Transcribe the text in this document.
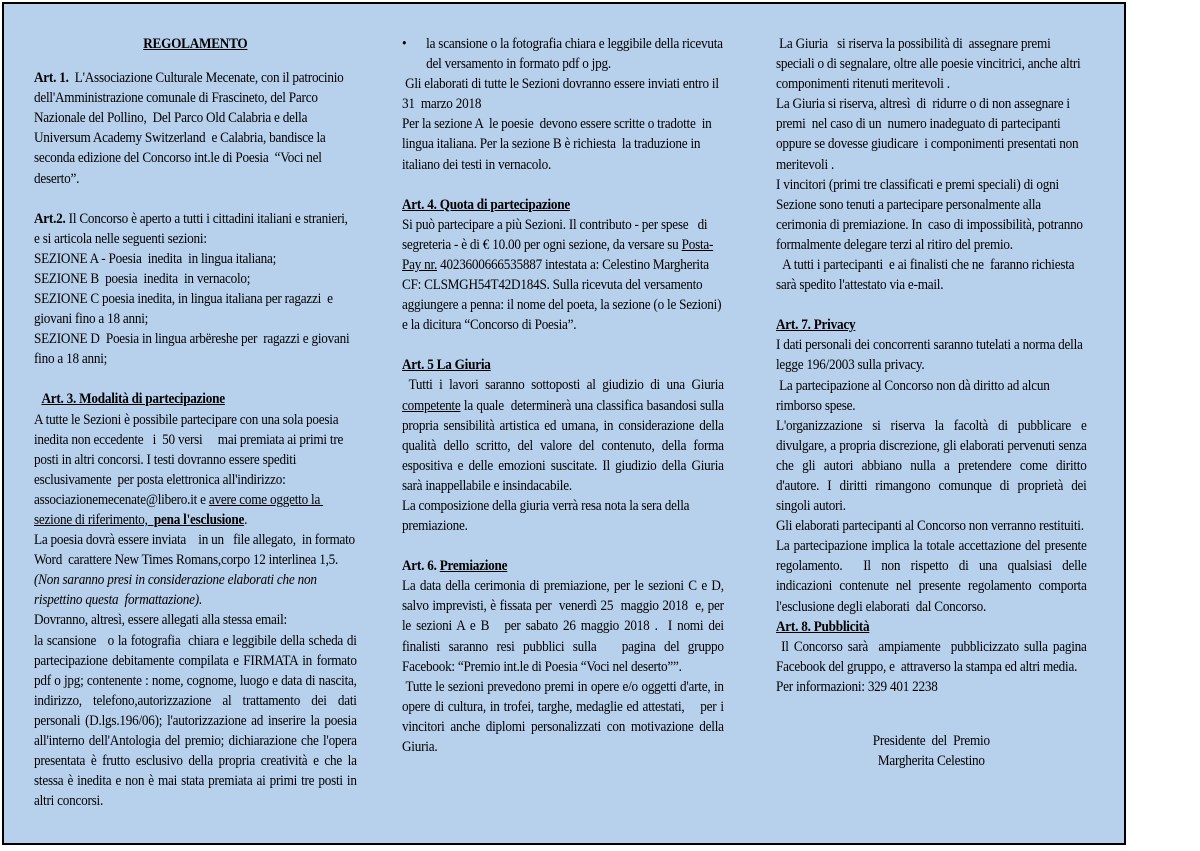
REGOLAMENTO

Art. 1.  L'Associazione Culturale Mecenate, con il patrocinio dell'Amministrazione comunale di Frascineto, del Parco Nazionale del Pollino,  Del Parco Old Calabria e della Universum Academy Switzerland  e Calabria, bandisce la seconda edizione del Concorso int.le di Poesia  “Voci nel deserto”.

Art.2. Il Concorso è aperto a tutti i cittadini italiani e stranieri,  e si articola nelle seguenti sezioni:

SEZIONE A - Poesia  inedita  in lingua italiana;

SEZIONE B  poesia  inedita  in vernacolo;

SEZIONE C poesia inedita, in lingua italiana per ragazzi  e giovani fino a 18 anni;

SEZIONE D  Poesia in lingua arbëreshe per  ragazzi e giovani fino a 18 anni;

Art. 3. Modalità di partecipazione

A tutte le Sezioni è possibile partecipare con una sola poesia inedita non eccedente   i  50 versi     mai premiata ai primi tre posti in altri concorsi. I testi dovranno essere spediti  esclusivamente  per posta elettronica all'indirizzo: associazionemecenate@libero.it e avere come oggetto la sezione di riferimento,  pena l'esclusione.

La poesia dovrà essere inviata    in un   file allegato,  in formato Word  carattere New Times Romans,corpo 12 interlinea 1,5. (Non saranno presi in considerazione elaborati che non rispettino questa  formattazione).

Dovranno, altresì, essere allegati alla stessa email:

la scansione   o la fotografia  chiara e leggibile della scheda di partecipazione debitamente compilata e FIRMATA in formato pdf o jpg; contenente : nome, cognome, luogo e data di nascita, indirizzo, telefono,autorizzazione al trattamento dei dati personali (D.lgs.196/06); l'autorizzazione ad inserire la poesia all'interno dell'Antologia del premio; dichiarazione che l'opera presentata è frutto esclusivo della propria creatività e che la stessa è inedita e non è mai stata premiata ai primi tre posti in altri concorsi.

•	la scansione o la fotografia chiara e leggibile della ricevuta del versamento in formato pdf o jpg.

Gli elaborati di tutte le Sezioni dovranno essere inviati entro il  31  marzo 2018

Per la sezione A  le poesie  devono essere scritte o tradotte  in lingua italiana. Per la sezione B è richiesta  la traduzione in italiano dei testi in vernacolo.

Art. 4. Quota di partecipazione

Si può partecipare a più Sezioni. Il contributo - per spese   di segreteria - è di € 10.00 per ogni sezione, da versare su Posta-Pay nr. 4023600666535887 intestata a: Celestino Margherita  CF: CLSMGH54T42D184S. Sulla ricevuta del versamento aggiungere a penna: il nome del poeta, la sezione (o le Sezioni)  e la dicitura “Concorso di Poesia”.

Art. 5 La Giuria

Tutti i lavori saranno sottoposti al giudizio di una Giuria competente la quale  determinerà una classifica basandosi sulla propria sensibilità artistica ed umana, in considerazione della qualità dello scritto, del valore del contenuto, della forma espositiva e delle emozioni suscitate. Il giudizio della Giuria sarà inappellabile e insindacabile.

La composizione della giuria verrà resa nota la sera della premiazione.

Art. 6. Premiazione

La data della cerimonia di premiazione, per le sezioni C e D, salvo imprevisti, è fissata per  venerdì 25  maggio 2018  e, per le sezioni A e B   per sabato 26 maggio 2018 .  I nomi dei finalisti saranno resi pubblici sulla   pagina del gruppo Facebook: “Premio int.le di Poesia “Voci nel deserto””.

Tutte le sezioni prevedono premi in opere e/o oggetti d'arte, in opere di cultura, in trofei, targhe, medaglie ed attestati,    per i vincitori anche diplomi personalizzati con motivazione della Giuria.

La Giuria   si riserva la possibilità di  assegnare premi speciali o di segnalare, oltre alle poesie vincitrici, anche altri componimenti ritenuti meritevoli .

La Giuria si riserva, altresì  di  ridurre o di non assegnare i premi  nel caso di un  numero inadeguato di partecipanti oppure se dovesse giudicare  i componimenti presentati non   meritevoli .

I vincitori (primi tre classificati e premi speciali) di ogni Sezione sono tenuti a partecipare personalmente alla cerimonia di premiazione. In  caso di impossibilità, potranno formalmente delegare terzi al ritiro del premio.

A tutti i partecipanti  e ai finalisti che ne  faranno richiesta sarà spedito l'attestato via e-mail.

Art. 7. Privacy

I dati personali dei concorrenti saranno tutelati a norma della legge 196/2003 sulla privacy.

La partecipazione al Concorso non dà diritto ad alcun rimborso spese.

L'organizzazione si riserva la facoltà di pubblicare e divulgare, a propria discrezione, gli elaborati pervenuti senza che gli autori abbiano nulla a pretendere come diritto d'autore. I diritti rimangono comunque di proprietà dei singoli autori.

Gli elaborati partecipanti al Concorso non verranno restituiti.

La partecipazione implica la totale accettazione del presente regolamento.  Il non rispetto di una qualsiasi delle indicazioni contenute nel presente regolamento comporta l'esclusione degli elaborati  dal Concorso.

Art. 8. Pubblicità

Il Concorso sarà  ampiamente  pubblicizzato sulla pagina Facebook del gruppo, e  attraverso la stampa ed altri media.

Per informazioni: 329 401 2238

Presidente  del  Premio

Margherita Celestino
